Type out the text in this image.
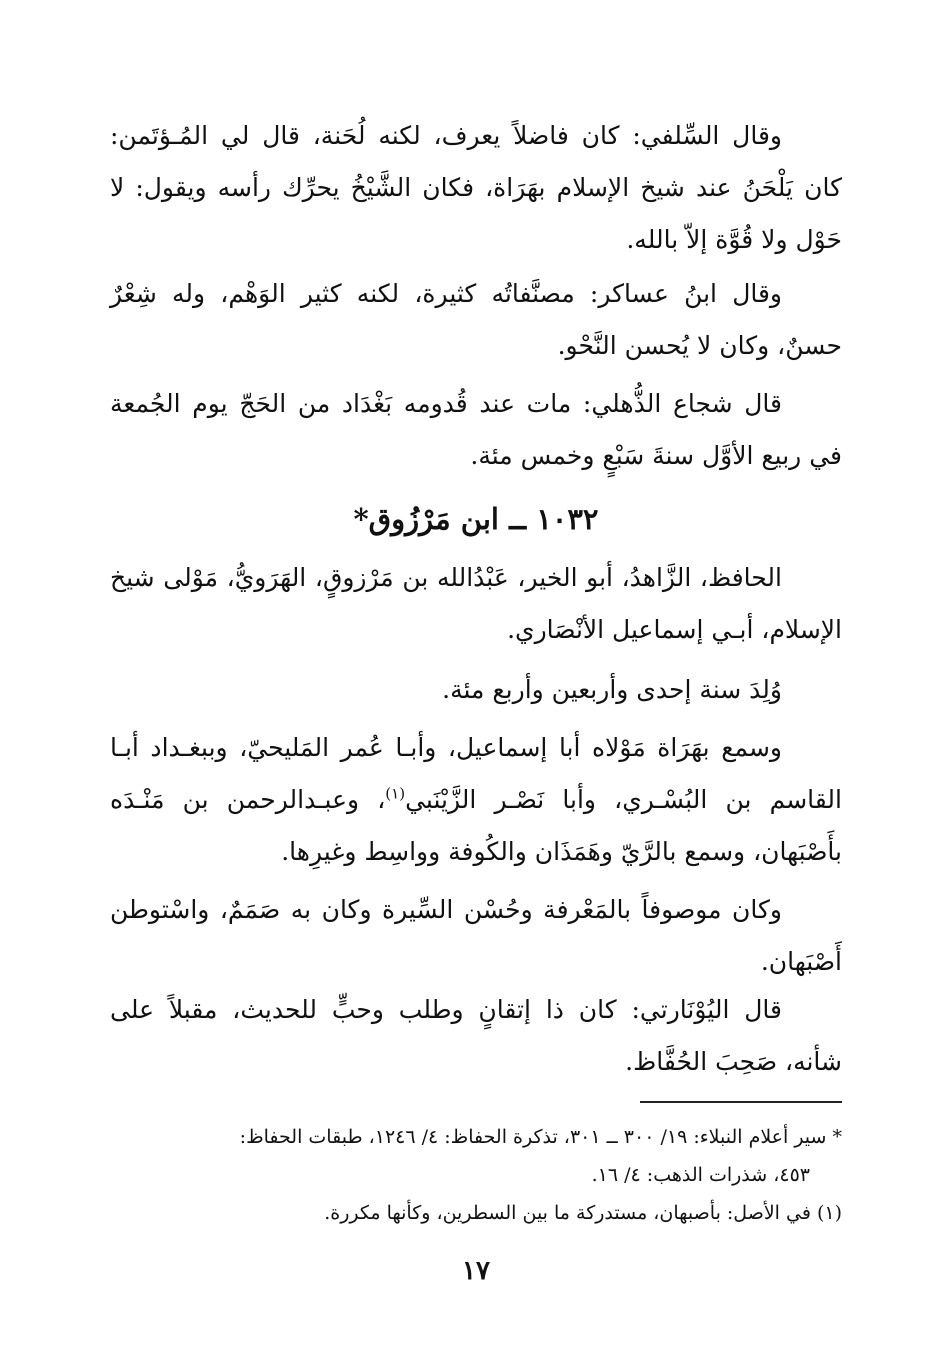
وقال السِّلفي: كان فاضلاً يعرف، لكنه لُحَنة، قال لي المُـؤتَمن: كان يَلْحَنُ عند شيخ الإسلام بهَرَاة، فكان الشَّيْخُ يحرِّك رأسه ويقول: لا حَوْل ولا قُوَّة إلاّ بالله.

وقال ابنُ عساكر: مصنَّفاتُه كثيرة، لكنه كثير الوَهْم، وله شِعْرٌ حسنٌ، وكان لا يُحسن النَّحْو.

قال شجاع الذُّهلي: مات عند قُدومه بَغْدَاد من الحَجّ يوم الجُمعة في ربيع الأوَّل سنةَ سَبْعٍ وخمس مئة.

١٠٣٢ ــ ابن مَرْزُوق*

الحافظ، الزَّاهدُ، أبو الخير، عَبْدُالله بن مَرْزوقٍ، الهَرَويُّ، مَوْلى شيخ الإسلام، أبـي إسماعيل الأنْصَاري.

وُلِدَ سنة إحدى وأربعين وأربع مئة.

وسمع بهَرَاة مَوْلاه أبا إسماعيل، وأبـا عُمر المَليحيّ، وببغـداد أبـا القاسم بن البُسْـري، وأبا نَصْـر الزَّيْنَبي$^{(١)}$، وعبـدالرحمن بن مَنْـدَه بأَصْبَهان، وسمع بالرَّيّ وهَمَذَان والكُوفة وواسِط وغيرِها.

وكان موصوفاً بالمَعْرفة وحُسْن السِّيرة وكان به صَمَمٌ، واسْتوطن أَصْبَهان.

قال اليُوْنَارتي: كان ذا إتقانٍ وطلب وحبٍّ للحديث، مقبلاً على شأنه، صَحِبَ الحُفَّاظ.

* سير أعلام النبلاء: ١٩/ ٣٠٠ ــ ٣٠١، تذكرة الحفاظ: ٤/ ١٢٤٦، طبقات الحفاظ:

٤٥٣، شذرات الذهب: ٤/ ١٦.

(١) في الأصل: بأصبهان، مستدركة ما بين السطرين، وكأنها مكررة.

١٧
